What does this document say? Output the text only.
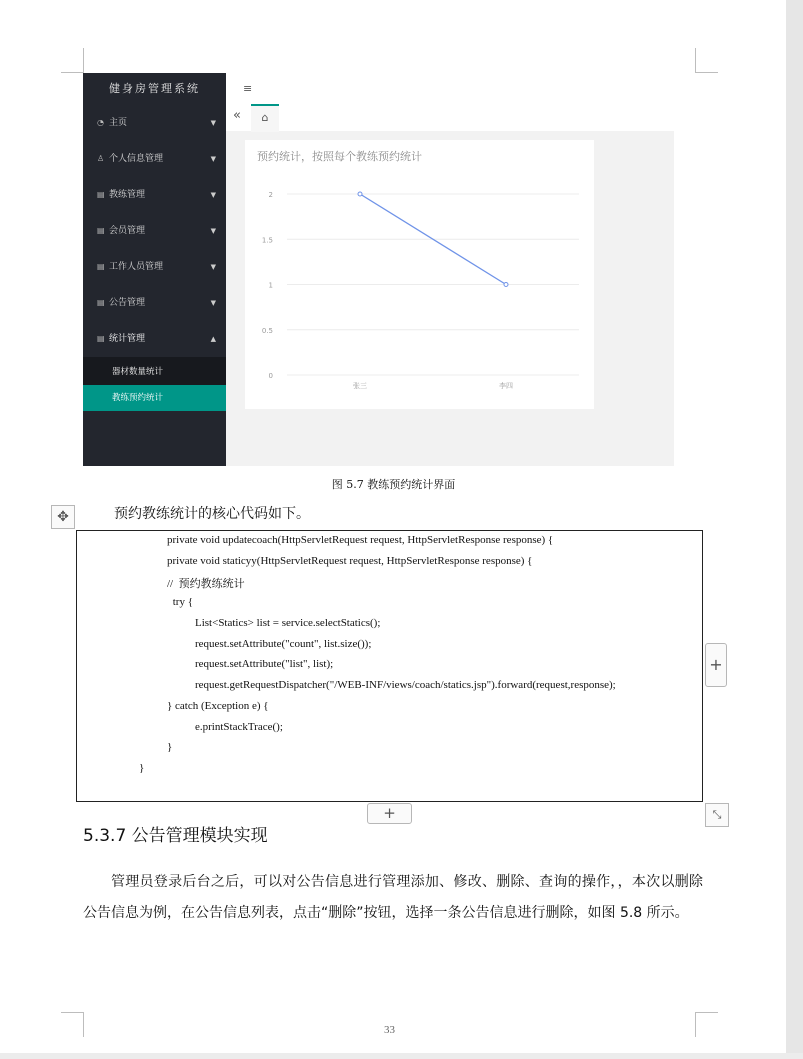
健身房管理系统
◔ 主页	▼
♙ 个人信息管理	▼
▤ 教练管理	▼
▤ 会员管理	▼
▤ 工作人员管理	▼
▤ 公告管理	▼
▤ 统计管理	▲
器材数量统计
教练预约统计
≡
«	⌂
预约统计，按照每个教练预约统计
0
0.5
1
1.5
2
张三	李四
图 5.7 教练预约统计界面
✥	预约教练统计的核心代码如下。
private void updatecoach(HttpServletRequest request, HttpServletResponse response) {
private void staticyy(HttpServletRequest request, HttpServletResponse response) {
//  预约教练统计
try {
List<Statics> list = service.selectStatics();
request.setAttribute("count", list.size());
request.setAttribute("list", list);
request.getRequestDispatcher("/WEB-INF/views/coach/statics.jsp").forward(request,response);
} catch (Exception e) {
e.printStackTrace();
}
}
+
+	⤡
5.3.7 公告管理模块实现
管理员登录后台之后，可以对公告信息进行管理添加、修改、删除、查询的操作，，本次以删除公告信息为例，在公告信息列表，点击“删除”按钮，选择一条公告信息进行删除，如图 5.8 所示。
33
